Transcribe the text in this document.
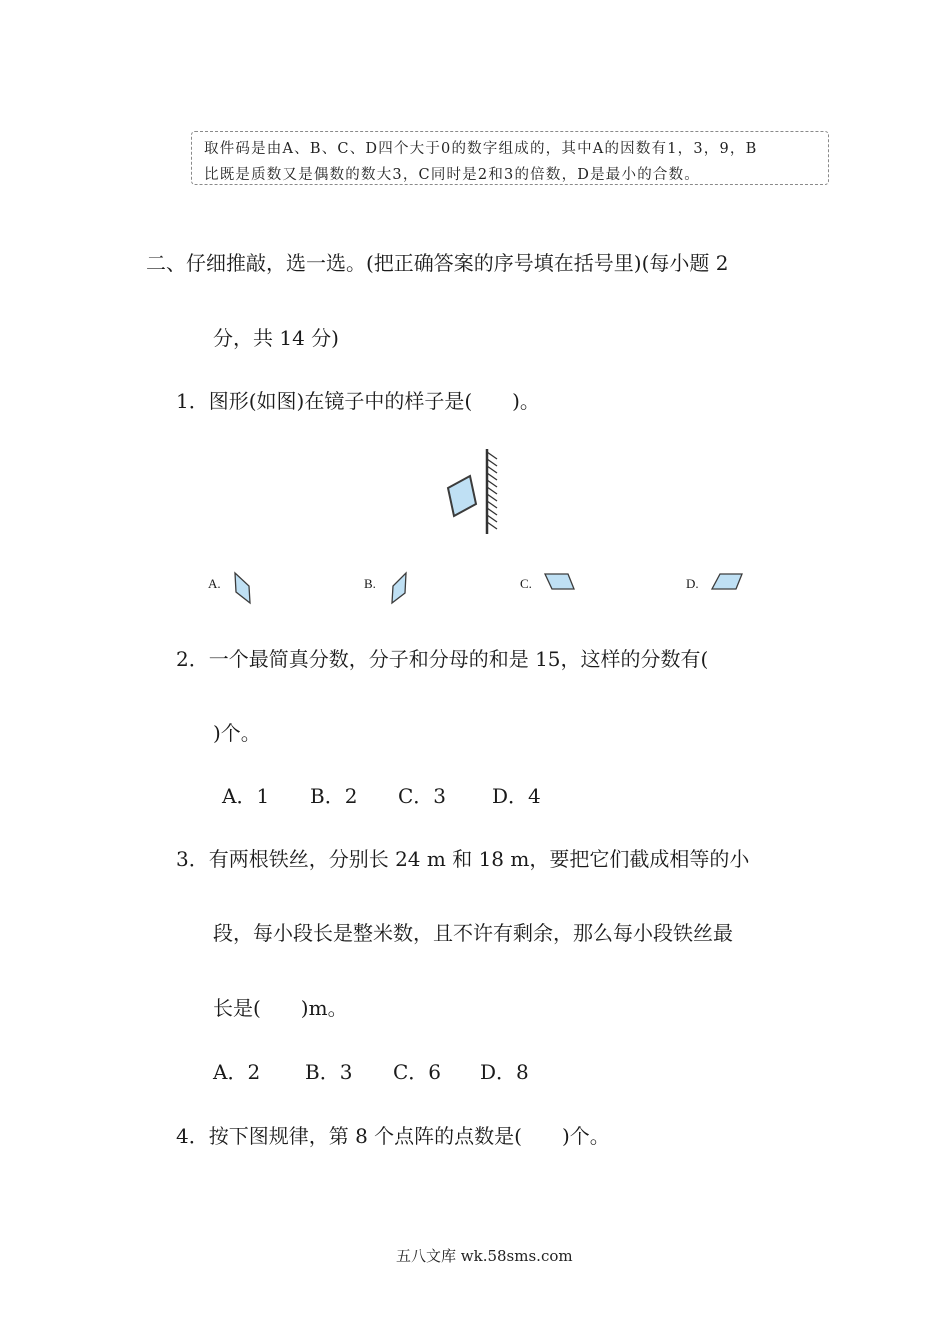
取件码是由A、B、C、D四个大于0的数字组成的，其中A的因数有1，3，9，B
比既是质数又是偶数的数大3，C同时是2和3的倍数，D是最小的合数。
二、仔细推敲，选一选。(把正确答案的序号填在括号里)(每小题 2
分，共 14 分)
1．图形(如图)在镜子中的样子是(　　)。
A.	B.	C.	D.
2．一个最简真分数，分子和分母的和是 15，这样的分数有(
)个。
A．1 B．2 C．3 D．4
3．有两根铁丝，分别长 24 m 和 18 m，要把它们截成相等的小
段，每小段长是整米数，且不许有剩余，那么每小段铁丝最
长是(　　)m。
A．2 B．3 C．6 D．8
4．按下图规律，第 8 个点阵的点数是(　　)个。
五八文库 wk.58sms.com
